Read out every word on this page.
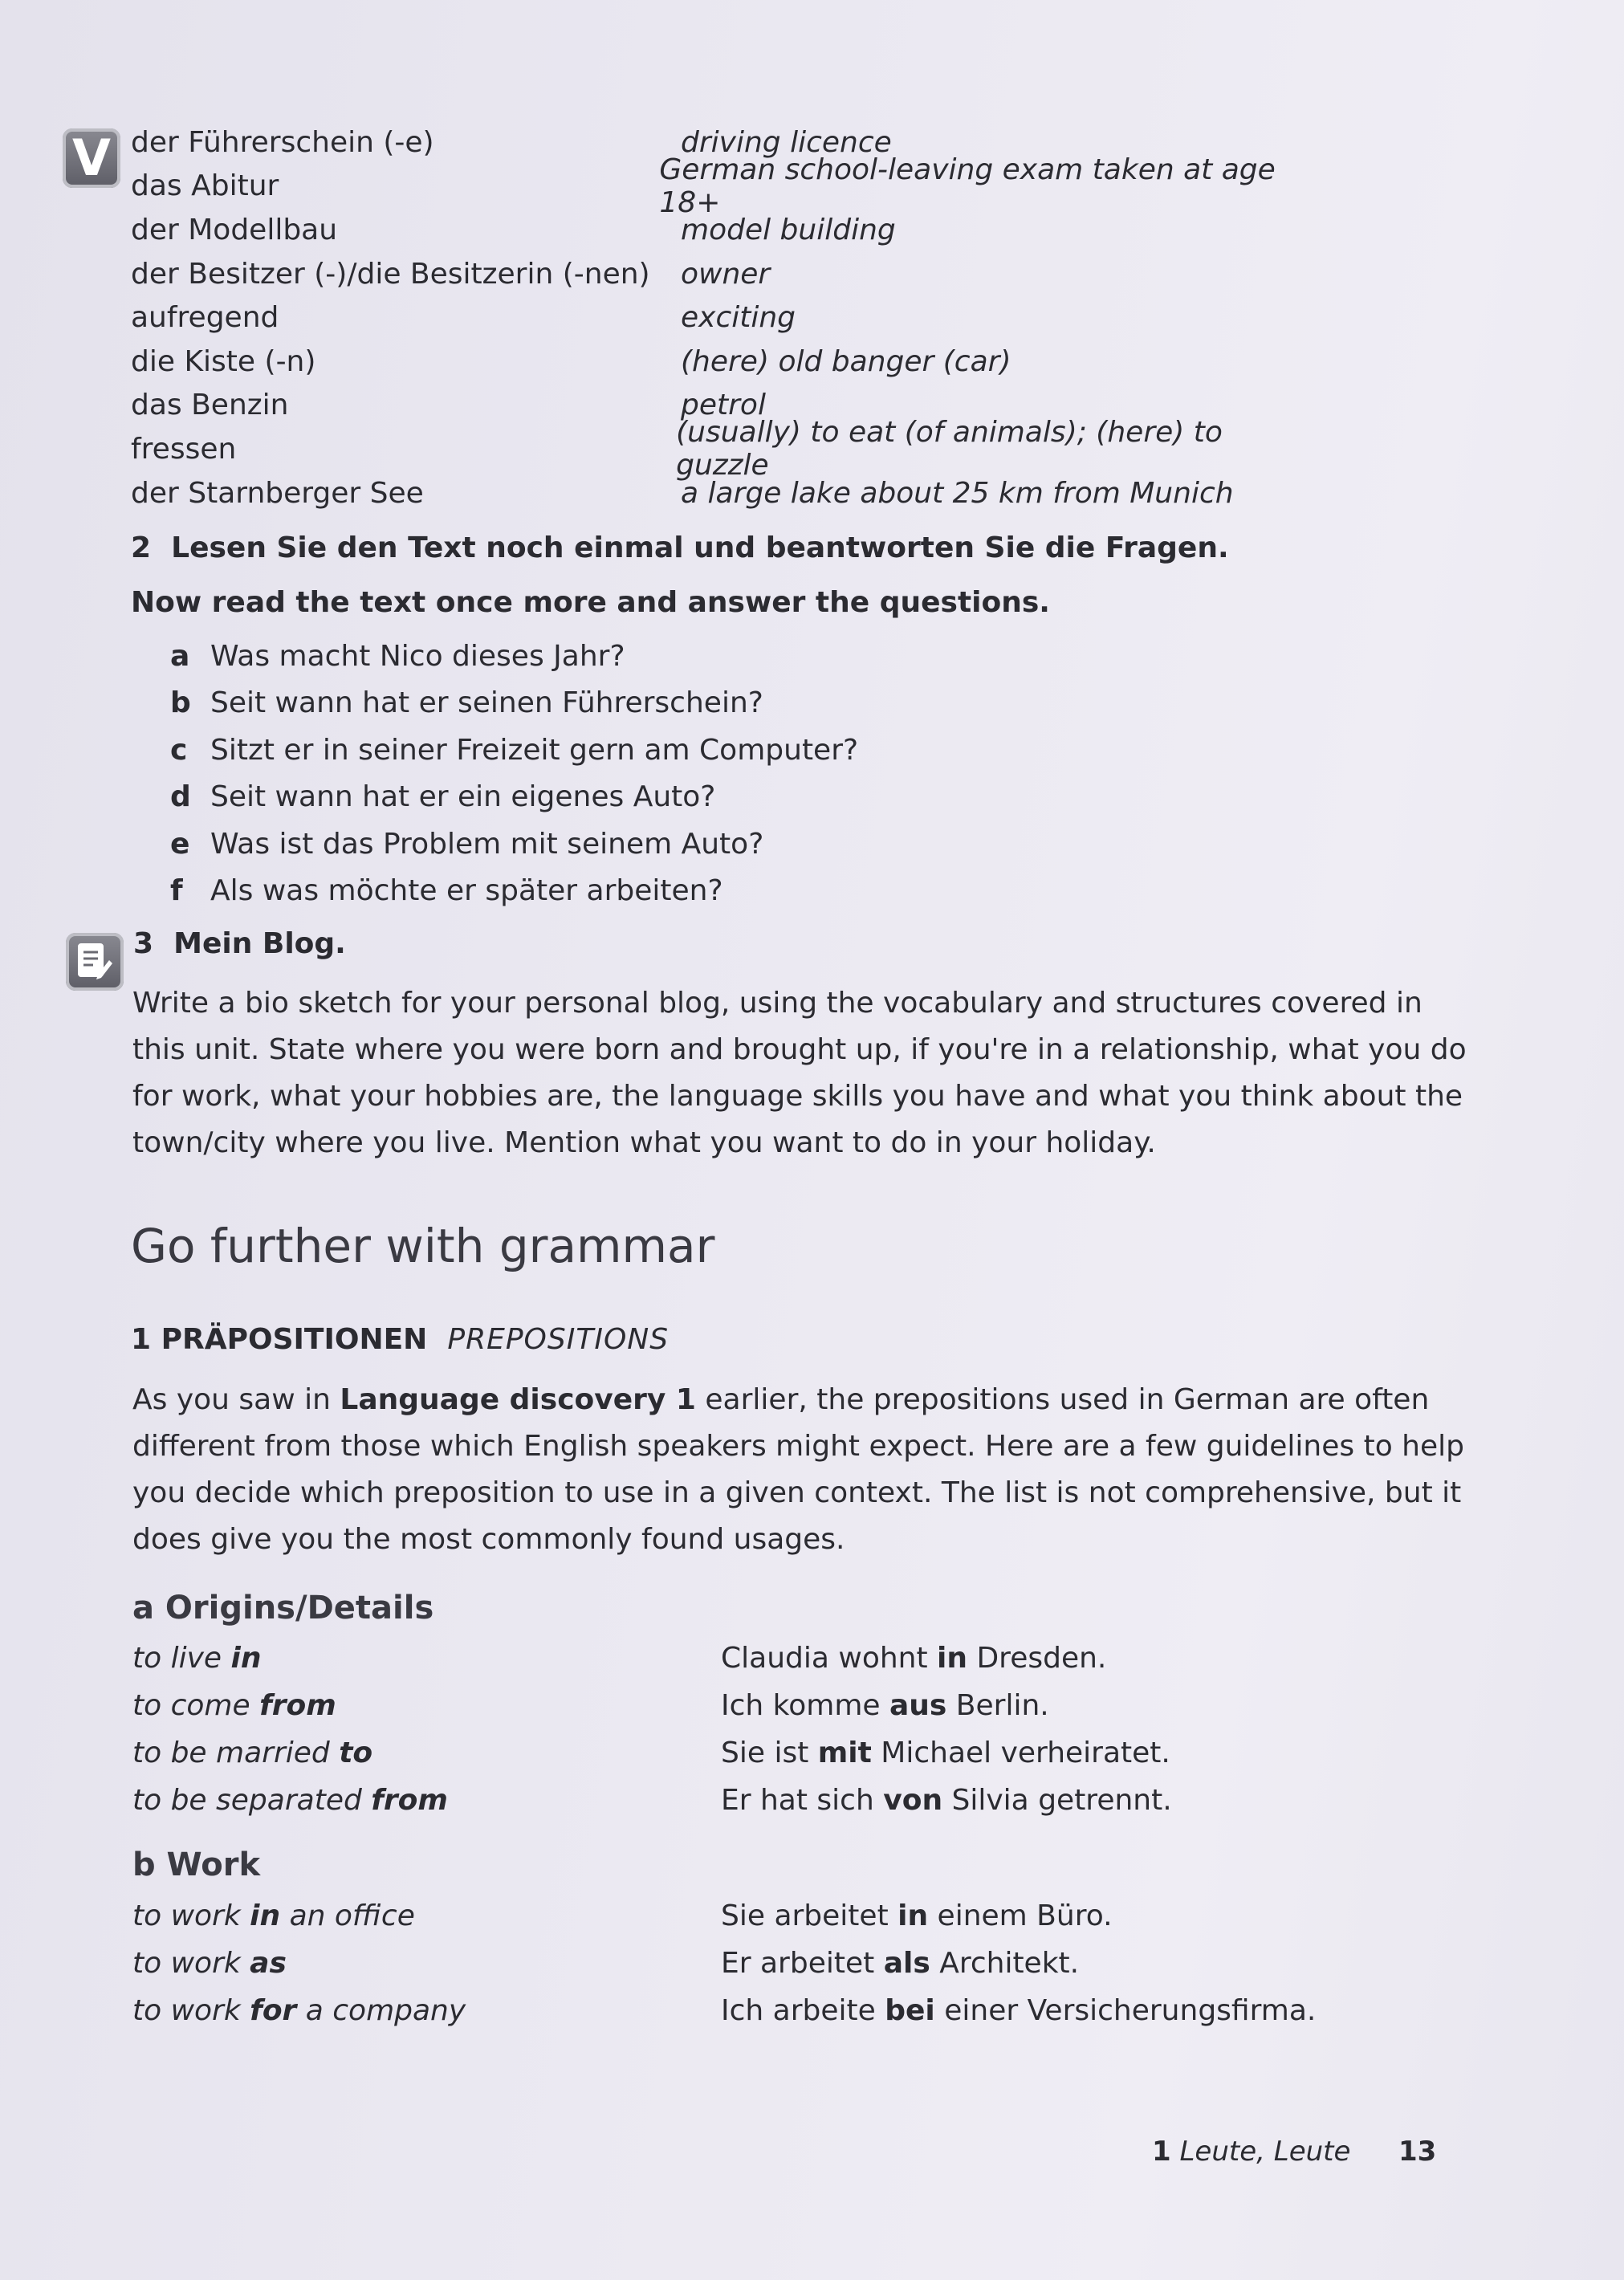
V der Führerschein (-e)	driving licence
das Abitur	German school-leaving exam taken at age 18+
der Modellbau	model building
der Besitzer (-)/die Besitzerin (-nen)	owner
aufregend	exciting
die Kiste (-n)	(here) old banger (car)
das Benzin	petrol
fressen	(usually) to eat (of animals); (here) to guzzle
der Starnberger See	a large lake about 25 km from Munich
2 Lesen Sie den Text noch einmal und beantworten Sie die Fragen.
Now read the text once more and answer the questions.
a Was macht Nico dieses Jahr?
b Seit wann hat er seinen Führerschein?
c Sitzt er in seiner Freizeit gern am Computer?
d Seit wann hat er ein eigenes Auto?
e Was ist das Problem mit seinem Auto?
f Als was möchte er später arbeiten?
3 Mein Blog.
Write a bio sketch for your personal blog, using the vocabulary and structures covered in
this unit. State where you were born and brought up, if you're in a relationship, what you do
for work, what your hobbies are, the language skills you have and what you think about the
town/city where you live. Mention what you want to do in your holiday.
Go further with grammar
1 PRÄPOSITIONEN PREPOSITIONS
As you saw in Language discovery 1 earlier, the prepositions used in German are often
different from those which English speakers might expect. Here are a few guidelines to help
you decide which preposition to use in a given context. The list is not comprehensive, but it
does give you the most commonly found usages.
a Origins/Details
to live in	Claudia wohnt in Dresden.
to come from	Ich komme aus Berlin.
to be married to	Sie ist mit Michael verheiratet.
to be separated from	Er hat sich von Silvia getrennt.
b Work
to work in an office	Sie arbeitet in einem Büro.
to work as	Er arbeitet als Architekt.
to work for a company	Ich arbeite bei einer Versicherungsfirma.
1 Leute, Leute 13
